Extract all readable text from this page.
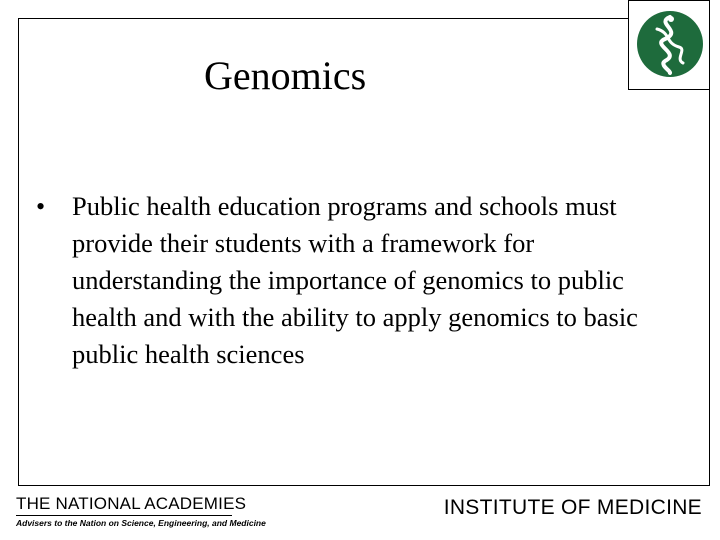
Genomics
• Public health education programs and schools must provide their students with a framework for understanding the importance of genomics to public health and with the ability to apply genomics to basic public health sciences
THE NATIONAL ACADEMIES
Advisers to the Nation on Science, Engineering, and Medicine
INSTITUTE OF MEDICINE
